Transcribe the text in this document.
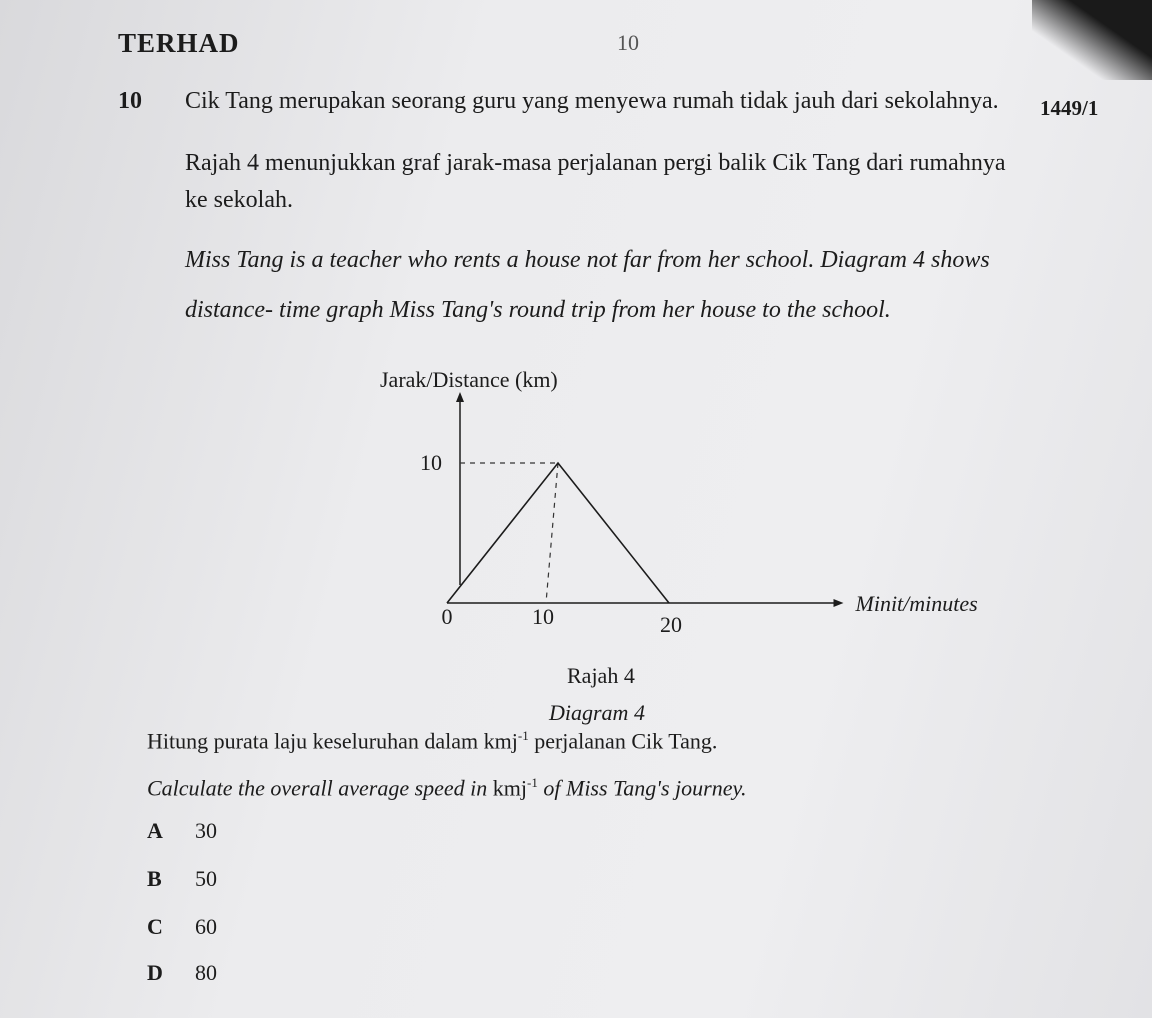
TERHAD	10
1449/1
10 Cik Tang merupakan seorang guru yang menyewa rumah tidak jauh dari sekolahnya.
Rajah 4 menunjukkan graf jarak-masa perjalanan pergi balik Cik Tang dari rumahnya
ke sekolah.
Miss Tang is a teacher who rents a house not far from her school. Diagram 4 shows
distance- time graph Miss Tang's round trip from her house to the school.
Jarak/Distance (km)
Minit/minutes
0	10	20
10
Rajah 4
Diagram 4
Hitung purata laju keseluruhan dalam kmj$^{-1}$ perjalanan Cik Tang.
Calculate the overall average speed in kmj$^{-1}$ of Miss Tang's journey.
A 30
B 50
C 60
D 80
